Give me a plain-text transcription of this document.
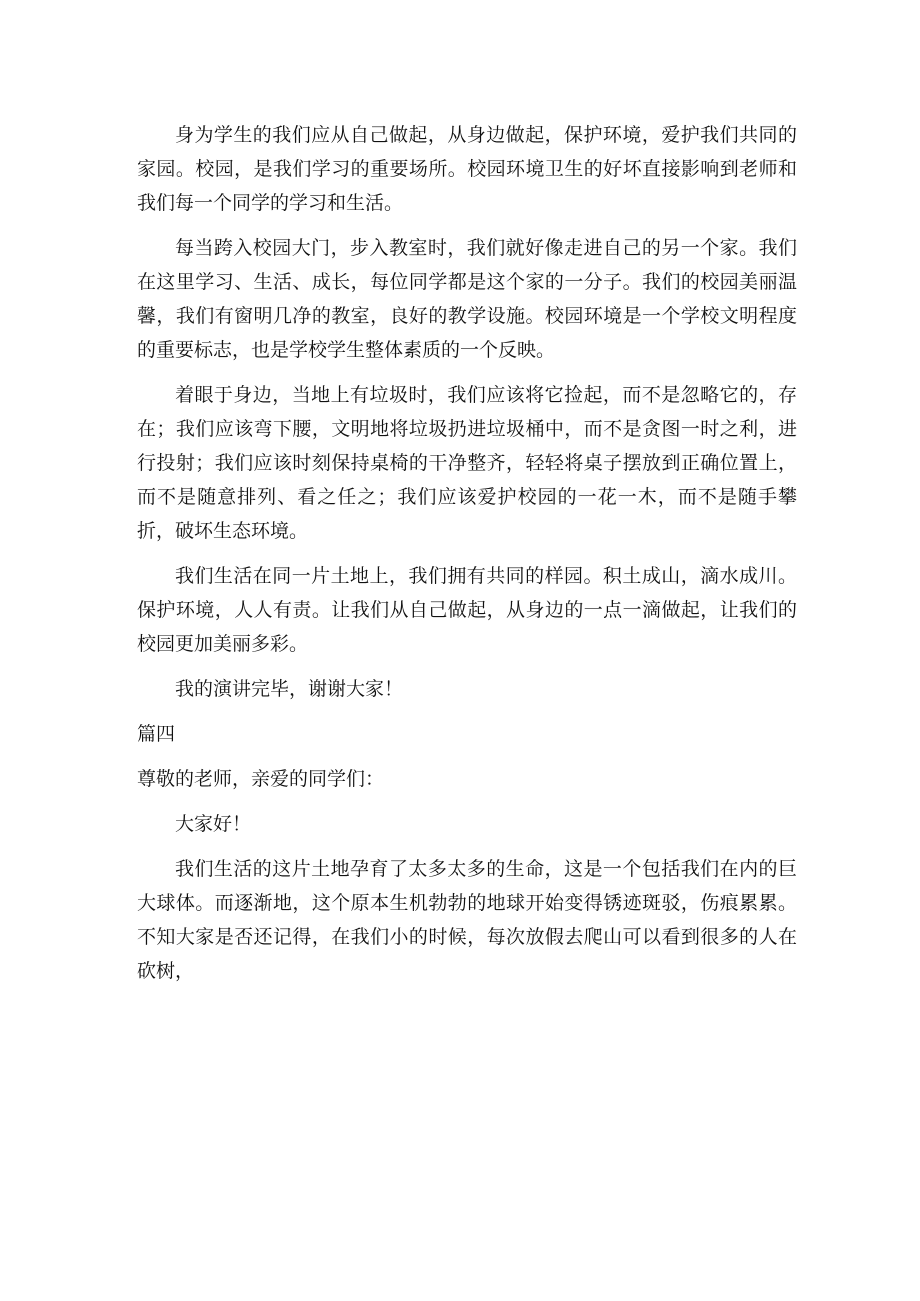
身为学生的我们应从自己做起，从身边做起，保护环境，爱护我们共同的家园。校园，是我们学习的重要场所。校园环境卫生的好坏直接影响到老师和我们每一个同学的学习和生活。

每当跨入校园大门，步入教室时，我们就好像走进自己的另一个家。我们在这里学习、生活、成长，每位同学都是这个家的一分子。我们的校园美丽温馨，我们有窗明几净的教室，良好的教学设施。校园环境是一个学校文明程度的重要标志，也是学校学生整体素质的一个反映。

着眼于身边，当地上有垃圾时，我们应该将它捡起，而不是忽略它的，存在；我们应该弯下腰，文明地将垃圾扔进垃圾桶中，而不是贪图一时之利，进行投射；我们应该时刻保持桌椅的干净整齐，轻轻将桌子摆放到正确位置上，而不是随意排列、看之任之；我们应该爱护校园的一花一木，而不是随手攀折，破坏生态环境。

我们生活在同一片土地上，我们拥有共同的样园。积土成山，滴水成川。保护环境，人人有责。让我们从自己做起，从身边的一点一滴做起，让我们的校园更加美丽多彩。

我的演讲完毕，谢谢大家！

篇四

尊敬的老师，亲爱的同学们：

大家好！

我们生活的这片土地孕育了太多太多的生命，这是一个包括我们在内的巨大球体。而逐渐地，这个原本生机勃勃的地球开始变得锈迹斑驳，伤痕累累。不知大家是否还记得，在我们小的时候，每次放假去爬山可以看到很多的人在砍树，
